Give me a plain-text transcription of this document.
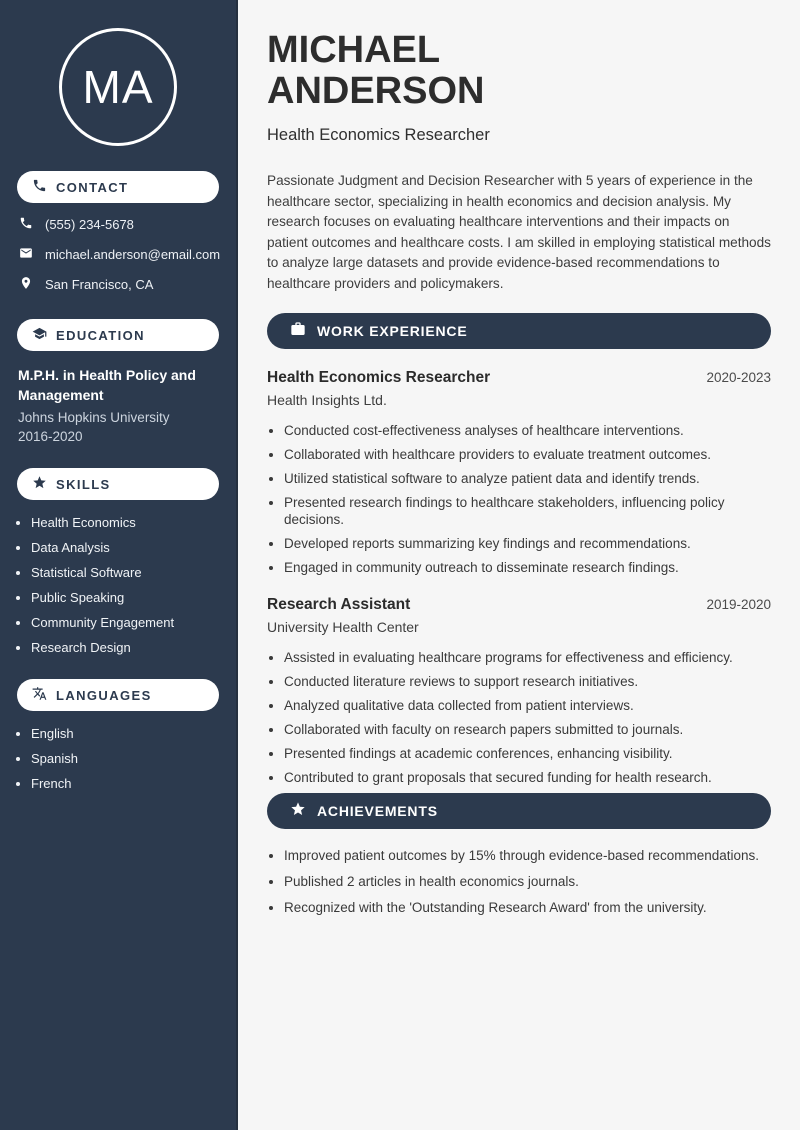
MA
CONTACT
(555) 234-5678
michael.anderson@email.com
San Francisco, CA
EDUCATION
M.P.H. in Health Policy and Management
Johns Hopkins University
2016-2020
SKILLS
• Health Economics
• Data Analysis
• Statistical Software
• Public Speaking
• Community Engagement
• Research Design
LANGUAGES
• English
• Spanish
• French
MICHAEL
ANDERSON
Health Economics Researcher

Passionate Judgment and Decision Researcher with 5 years of experience in the healthcare sector, specializing in health economics and decision analysis. My research focuses on evaluating healthcare interventions and their impacts on patient outcomes and healthcare costs. I am skilled in employing statistical methods to analyze large datasets and provide evidence-based recommendations to healthcare providers and policymakers.

WORK EXPERIENCE
Health Economics Researcher	2020-2023
Health Insights Ltd.
• Conducted cost-effectiveness analyses of healthcare interventions.
• Collaborated with healthcare providers to evaluate treatment outcomes.
• Utilized statistical software to analyze patient data and identify trends.
• Presented research findings to healthcare stakeholders, influencing policy decisions.
• Developed reports summarizing key findings and recommendations.
• Engaged in community outreach to disseminate research findings.
Research Assistant	2019-2020
University Health Center
• Assisted in evaluating healthcare programs for effectiveness and efficiency.
• Conducted literature reviews to support research initiatives.
• Analyzed qualitative data collected from patient interviews.
• Collaborated with faculty on research papers submitted to journals.
• Presented findings at academic conferences, enhancing visibility.
• Contributed to grant proposals that secured funding for health research.
ACHIEVEMENTS
• Improved patient outcomes by 15% through evidence-based recommendations.
• Published 2 articles in health economics journals.
• Recognized with the 'Outstanding Research Award' from the university.
